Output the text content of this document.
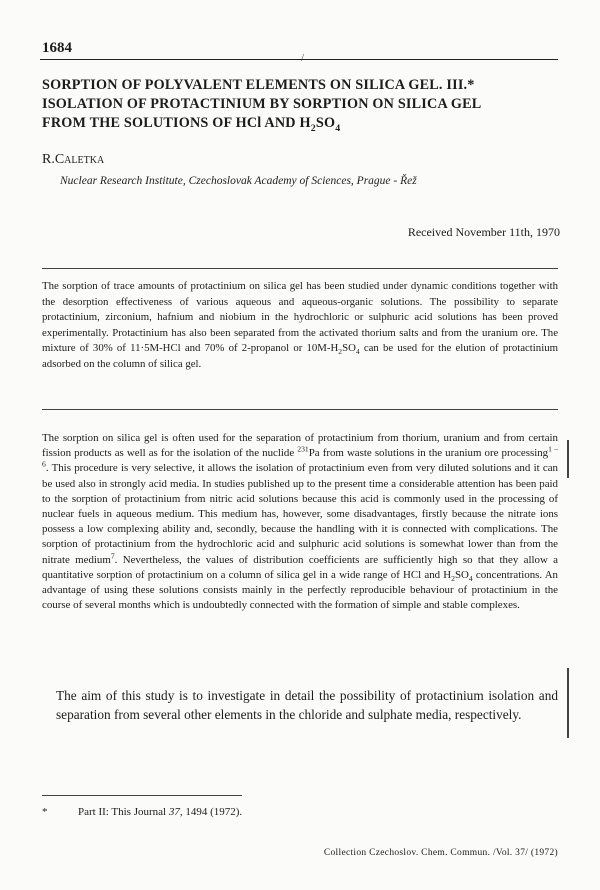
1684
/
SORPTION OF POLYVALENT ELEMENTS ON SILICA GEL. III.*
ISOLATION OF PROTACTINIUM BY SORPTION ON SILICA GEL
FROM THE SOLUTIONS OF HCl AND $H_2SO_4$
R.Caletka
Nuclear Research Institute, Czechoslovak Academy of Sciences, Prague - Řež
Received November 11th, 1970
The sorption of trace amounts of protactinium on silica gel has been studied under dynamic conditions together with the desorption effectiveness of various aqueous and aqueous-organic solutions. The possibility to separate protactinium, zirconium, hafnium and niobium in the hydrochloric or sulphuric acid solutions has been proved experimentally. Protactinium has also been separated from the activated thorium salts and from the uranium ore. The mixture of 30% of 11·5M-HCl and 70% of 2-propanol or $10M-H_2SO_4$ can be used for the elution of protactinium adsorbed on the column of silica gel.
The sorption on silica gel is often used for the separation of protactinium from thorium, uranium and from certain fission products as well as for the isolation of the nuclide $^{231}$Pa from waste solutions in the uranium ore processing$^{1 - 6}$. This procedure is very selective, it allows the isolation of protactinium even from very diluted solutions and it can be used also in strongly acid media. In studies published up to the present time a considerable attention has been paid to the sorption of protactinium from nitric acid solutions because this acid is commonly used in the processing of nuclear fuels in aqueous medium. This medium has, however, some disadvantages, firstly because the nitrate ions possess a low complexing ability and, secondly, because the handling with it is connected with complications. The sorption of protactinium from the hydrochloric acid and sulphuric acid solutions is somewhat lower than from the nitrate medium$^7$. Nevertheless, the values of distribution coefficients are sufficiently high so that they allow a quantitative sorption of protactinium on a column of silica gel in a wide range of HCl and $H_2SO_4$ concentrations. An advantage of using these solutions consists mainly in the perfectly reproducible behaviour of protactinium in the course of several months which is undoubtedly connected with the formation of simple and stable complexes.
The aim of this study is to investigate in detail the possibility of protactinium isolation and separation from several other elements in the chloride and sulphate media, respectively.
*	Part II: This Journal 37, 1494 (1972).
Collection Czechoslov. Chem. Commun. /Vol. 37/ (1972)
